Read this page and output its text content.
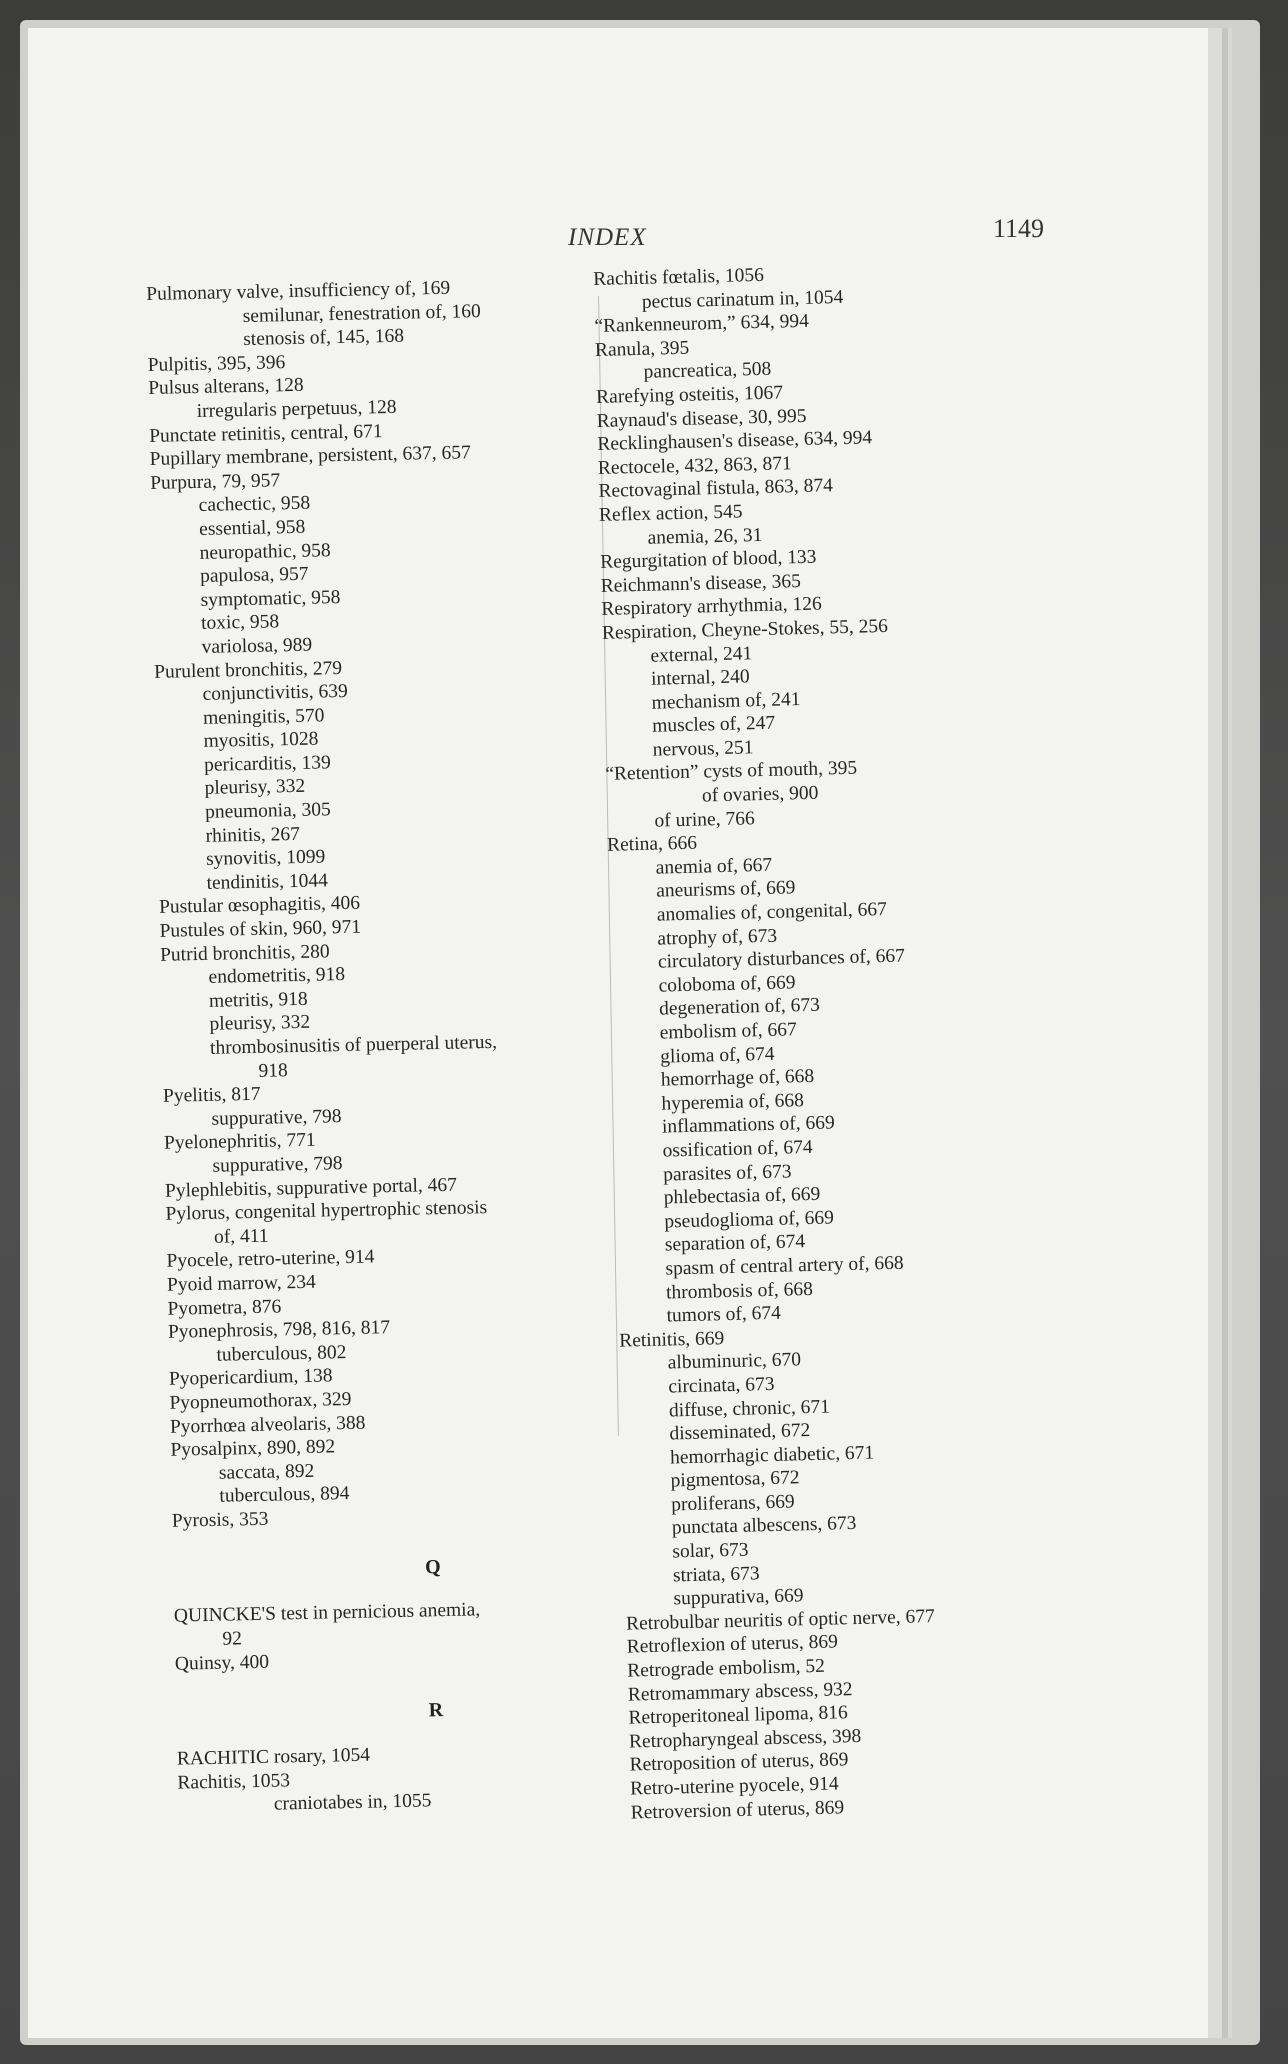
INDEX	1149
Pulmonary valve, insufficiency of, 169
semilunar, fenestration of, 160
stenosis of, 145, 168
Pulpitis, 395, 396
Pulsus alterans, 128
irregularis perpetuus, 128
Punctate retinitis, central, 671
Pupillary membrane, persistent, 637, 657
Purpura, 79, 957
cachectic, 958
essential, 958
neuropathic, 958
papulosa, 957
symptomatic, 958
toxic, 958
variolosa, 989
Purulent bronchitis, 279
conjunctivitis, 639
meningitis, 570
myositis, 1028
pericarditis, 139
pleurisy, 332
pneumonia, 305
rhinitis, 267
synovitis, 1099
tendinitis, 1044
Pustular œsophagitis, 406
Pustules of skin, 960, 971
Putrid bronchitis, 280
endometritis, 918
metritis, 918
pleurisy, 332
thrombosinusitis of puerperal uterus,
918
Pyelitis, 817
suppurative, 798
Pyelonephritis, 771
suppurative, 798
Pylephlebitis, suppurative portal, 467
Pylorus, congenital hypertrophic stenosis
of, 411
Pyocele, retro-uterine, 914
Pyoid marrow, 234
Pyometra, 876
Pyonephrosis, 798, 816, 817
tuberculous, 802
Pyopericardium, 138
Pyopneumothorax, 329
Pyorrhœa alveolaris, 388
Pyosalpinx, 890, 892
saccata, 892
tuberculous, 894
Pyrosis, 353
Q
QUINCKE'S test in pernicious anemia,
92
Quinsy, 400
R
RACHITIC rosary, 1054
Rachitis, 1053
craniotabes in, 1055
Rachitis fœtalis, 1056
pectus carinatum in, 1054
“Rankenneurom,” 634, 994
Ranula, 395
pancreatica, 508
Rarefying osteitis, 1067
Raynaud's disease, 30, 995
Recklinghausen's disease, 634, 994
Rectocele, 432, 863, 871
Rectovaginal fistula, 863, 874
Reflex action, 545
anemia, 26, 31
Regurgitation of blood, 133
Reichmann's disease, 365
Respiratory arrhythmia, 126
Respiration, Cheyne-Stokes, 55, 256
external, 241
internal, 240
mechanism of, 241
muscles of, 247
nervous, 251
“Retention” cysts of mouth, 395
of ovaries, 900
of urine, 766
Retina, 666
anemia of, 667
aneurisms of, 669
anomalies of, congenital, 667
atrophy of, 673
circulatory disturbances of, 667
coloboma of, 669
degeneration of, 673
embolism of, 667
glioma of, 674
hemorrhage of, 668
hyperemia of, 668
inflammations of, 669
ossification of, 674
parasites of, 673
phlebectasia of, 669
pseudoglioma of, 669
separation of, 674
spasm of central artery of, 668
thrombosis of, 668
tumors of, 674
Retinitis, 669
albuminuric, 670
circinata, 673
diffuse, chronic, 671
disseminated, 672
hemorrhagic diabetic, 671
pigmentosa, 672
proliferans, 669
punctata albescens, 673
solar, 673
striata, 673
suppurativa, 669
Retrobulbar neuritis of optic nerve, 677
Retroflexion of uterus, 869
Retrograde embolism, 52
Retromammary abscess, 932
Retroperitoneal lipoma, 816
Retropharyngeal abscess, 398
Retroposition of uterus, 869
Retro-uterine pyocele, 914
Retroversion of uterus, 869
